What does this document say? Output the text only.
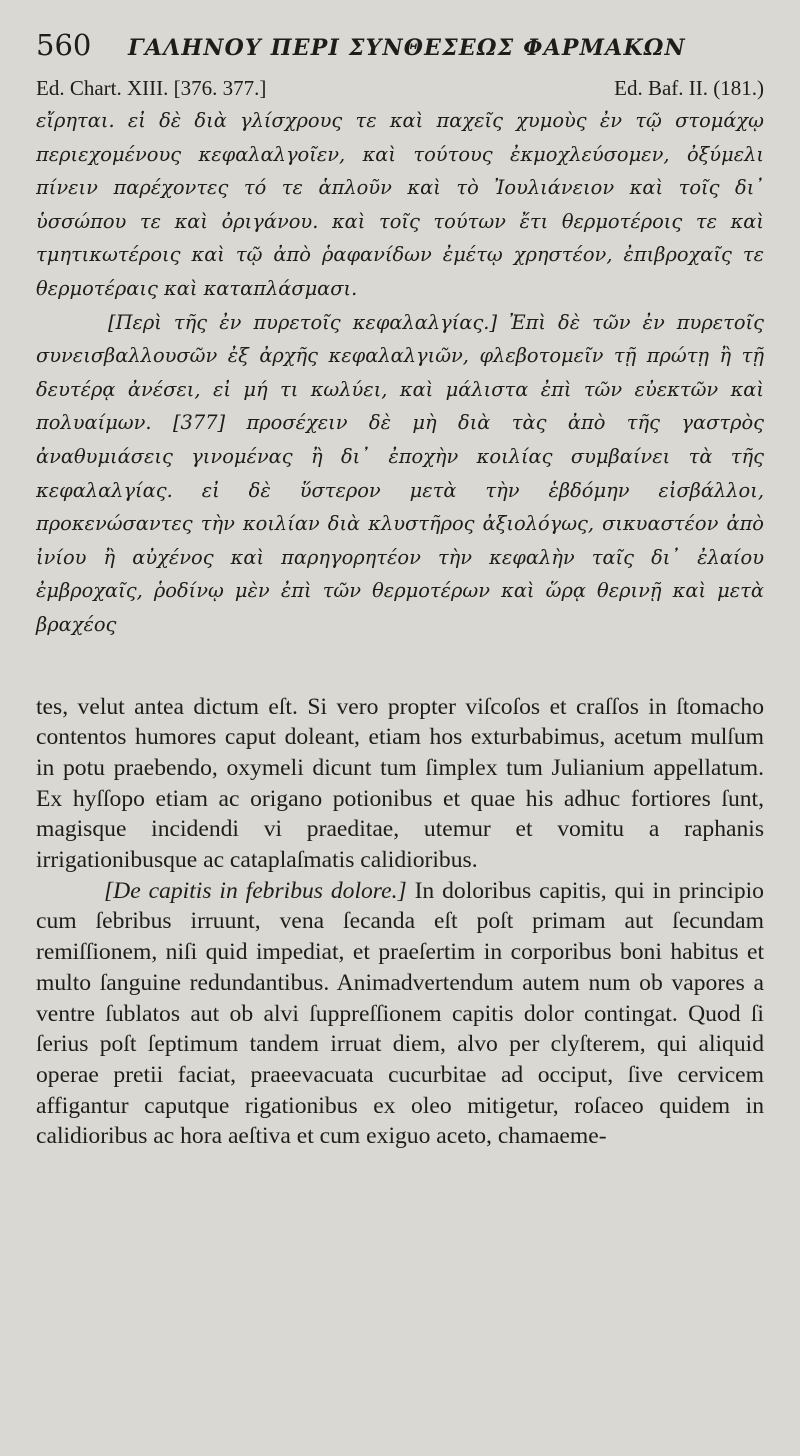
560	ΓΑΛΗΝΟΥ ΠΕΡΙ ΣΥΝΘΕΣΕΩΣ ΦΑΡΜΑΚΩΝ
Ed. Chart. XIII. [376. 377.]	Ed. Baf. II. (181.)

εἴρηται. εἰ δὲ διὰ γλίσχρους τε καὶ παχεῖς χυμοὺς ἐν τῷ στομάχῳ περιεχομένους κεφαλαλγοῖεν, καὶ τούτους ἐκμοχλεύσομεν, ὀξύμελι πίνειν παρέχοντες τό τε ἁπλοῦν καὶ τὸ Ἰουλιάνειον καὶ τοῖς δι᾽ ὑσσώπου τε καὶ ὀριγάνου. καὶ τοῖς τούτων ἔτι θερμοτέροις τε καὶ τμητικωτέροις καὶ τῷ ἀπὸ ῥαφανίδων ἐμέτῳ χρηστέον, ἐπιβροχαῖς τε θερμοτέραις καὶ καταπλάσμασι.

[Περὶ τῆς ἐν πυρετοῖς κεφαλαλγίας.] Ἐπὶ δὲ τῶν ἐν πυρετοῖς συνεισβαλλουσῶν ἐξ ἀρχῆς κεφαλαλγιῶν, φλεβοτομεῖν τῇ πρώτῃ ἢ τῇ δευτέρᾳ ἀνέσει, εἰ μή τι κωλύει, καὶ μάλιστα ἐπὶ τῶν εὐεκτῶν καὶ πολυαίμων. [377] προσέχειν δὲ μὴ διὰ τὰς ἀπὸ τῆς γαστρὸς ἀναθυμιάσεις γινομένας ἢ δι᾽ ἐποχὴν κοιλίας συμβαίνει τὰ τῆς κεφαλαλγίας. εἰ δὲ ὕστερον μετὰ τὴν ἑβδόμην εἰσβάλλοι, προκενώσαντες τὴν κοιλίαν διὰ κλυστῆρος ἀξιολόγως, σικυαστέον ἀπὸ ἰνίου ἢ αὐχένος καὶ παρηγορητέον τὴν κεφαλὴν ταῖς δι᾽ ἐλαίου ἐμβροχαῖς, ῥοδίνῳ μὲν ἐπὶ τῶν θερμοτέρων καὶ ὥρᾳ θερινῇ καὶ μετὰ βραχέος

tes, velut antea dictum eſt. Si vero propter viſcoſos et craſſos in ſtomacho contentos humores caput doleant, etiam hos exturbabimus, acetum mulſum in potu praebendo, oxymeli dicunt tum ſimplex tum Julianium appellatum. Ex hyſſopo etiam ac origano potionibus et quae his adhuc fortiores ſunt, magisque incidendi vi praeditae, utemur et vomitu a raphanis irrigationibusque ac cataplaſmatis calidioribus.

[De capitis in febribus dolore.] In doloribus capitis, qui in principio cum ſebribus irruunt, vena ſecanda eſt poſt primam aut ſecundam remiſſionem, niſi quid impediat, et praeſertim in corporibus boni habitus et multo ſanguine redundantibus. Animadvertendum autem num ob vapores a ventre ſublatos aut ob alvi ſuppreſſionem capitis dolor contingat. Quod ſi ſerius poſt ſeptimum tandem irruat diem, alvo per clyſterem, qui aliquid operae pretii faciat, praeevacuata cucurbitae ad occiput, ſive cervicem affigantur caputque rigationibus ex oleo mitigetur, roſaceo quidem in calidioribus ac hora aeſtiva et cum exiguo aceto, chamaeme-
